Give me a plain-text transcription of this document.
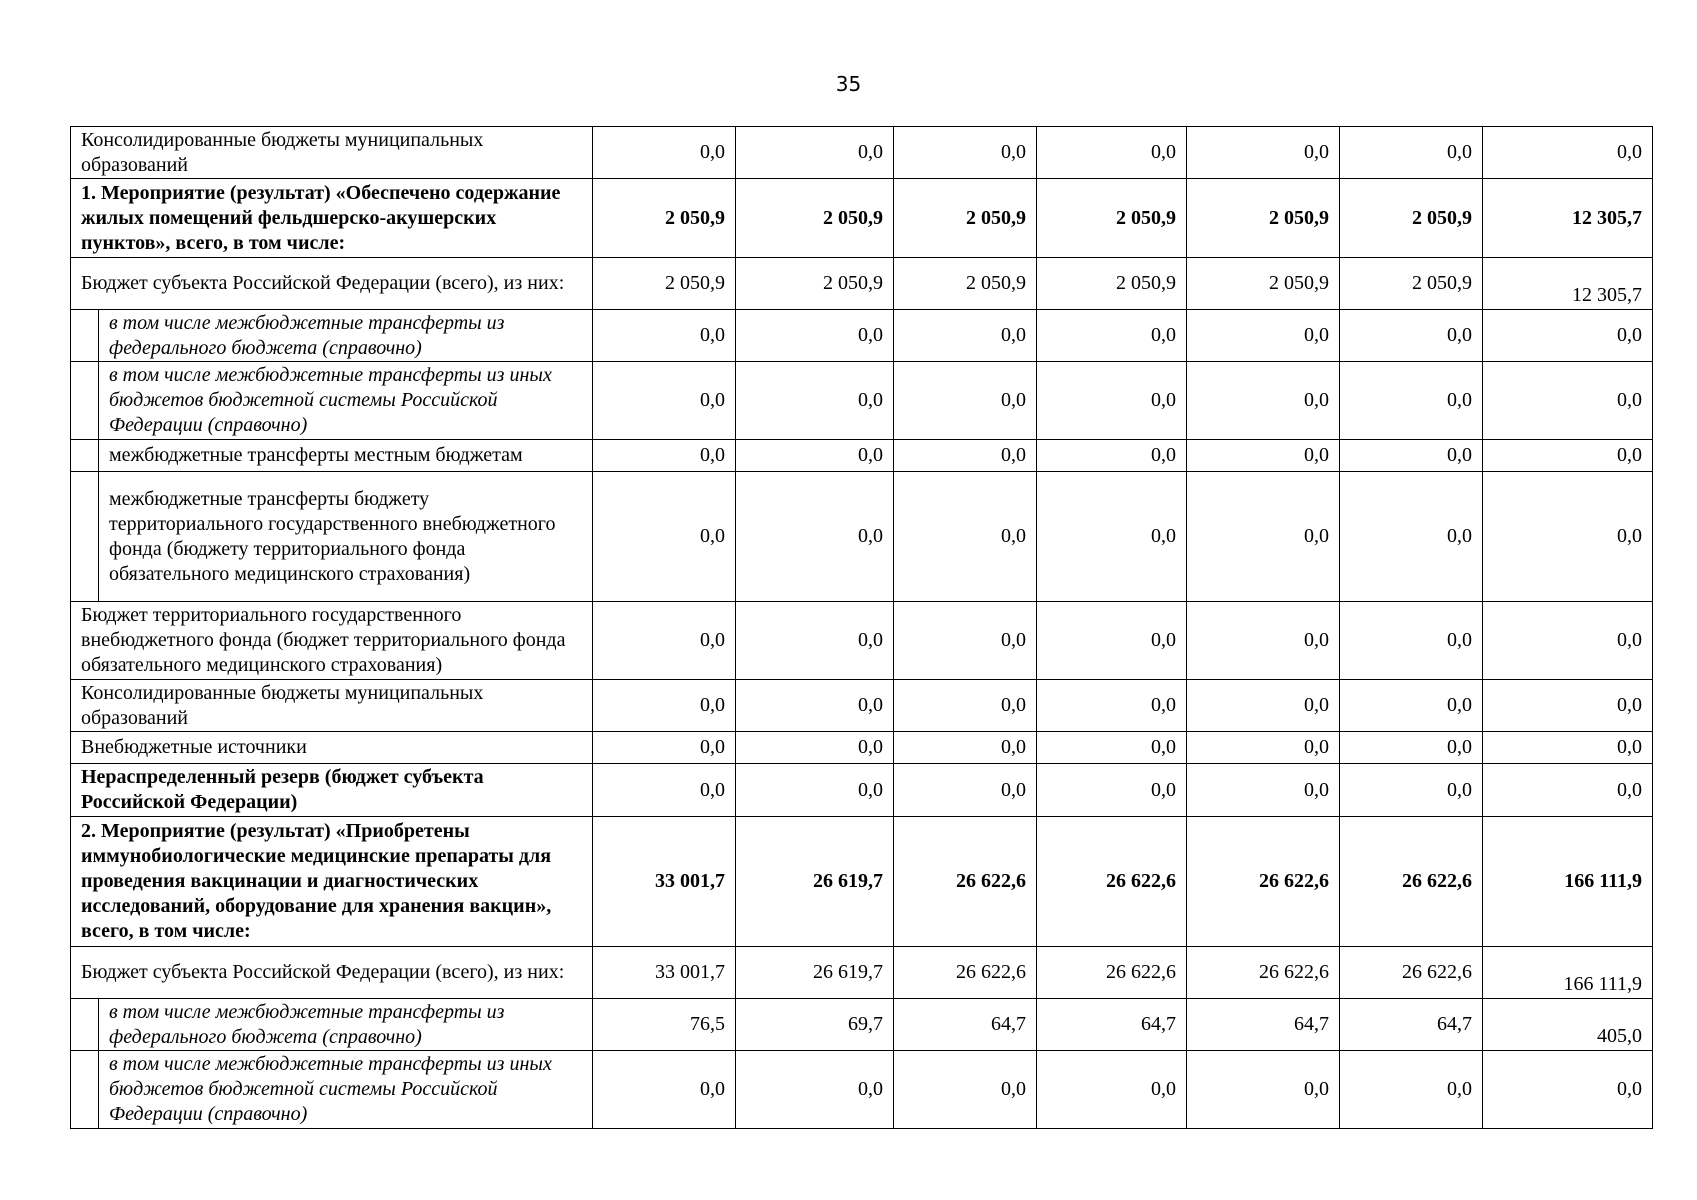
35
Консолидированные бюджеты муниципальных образований		0,0	0,0	0,0	0,0	0,0	0,0	0,0
1. Мероприятие (результат) «Обеспечено содержание жилых помещений фельдшерско-акушерских пунктов», всего, в том числе:		2 050,9	2 050,9	2 050,9	2 050,9	2 050,9	2 050,9	12 305,7
Бюджет субъекта Российской Федерации (всего), из них:		2 050,9	2 050,9	2 050,9	2 050,9	2 050,9	2 050,9	12 305,7
	в том числе межбюджетные трансферты из федерального бюджета (справочно)	0,0	0,0	0,0	0,0	0,0	0,0	0,0
	в том числе межбюджетные трансферты из иных бюджетов бюджетной системы Российской Федерации (справочно)	0,0	0,0	0,0	0,0	0,0	0,0	0,0
	межбюджетные трансферты местным бюджетам	0,0	0,0	0,0	0,0	0,0	0,0	0,0
	межбюджетные трансферты бюджету территориального государственного внебюджетного фонда (бюджету территориального фонда обязательного медицинского страхования)	0,0	0,0	0,0	0,0	0,0	0,0	0,0
Бюджет территориального государственного внебюджетного фонда (бюджет территориального фонда обязательного медицинского страхования)		0,0	0,0	0,0	0,0	0,0	0,0	0,0
Консолидированные бюджеты муниципальных образований		0,0	0,0	0,0	0,0	0,0	0,0	0,0
Внебюджетные источники		0,0	0,0	0,0	0,0	0,0	0,0	0,0
Нераспределенный резерв (бюджет субъекта Российской Федерации)		0,0	0,0	0,0	0,0	0,0	0,0	0,0
2. Мероприятие (результат) «Приобретены иммунобиологические медицинские препараты для проведения вакцинации и диагностических исследований, оборудование для хранения вакцин», всего, в том числе:		33 001,7	26 619,7	26 622,6	26 622,6	26 622,6	26 622,6	166 111,9
Бюджет субъекта Российской Федерации (всего), из них:		33 001,7	26 619,7	26 622,6	26 622,6	26 622,6	26 622,6	166 111,9
	в том числе межбюджетные трансферты из федерального бюджета (справочно)	76,5	69,7	64,7	64,7	64,7	64,7	405,0
	в том числе межбюджетные трансферты из иных бюджетов бюджетной системы Российской Федерации (справочно)	0,0	0,0	0,0	0,0	0,0	0,0	0,0
